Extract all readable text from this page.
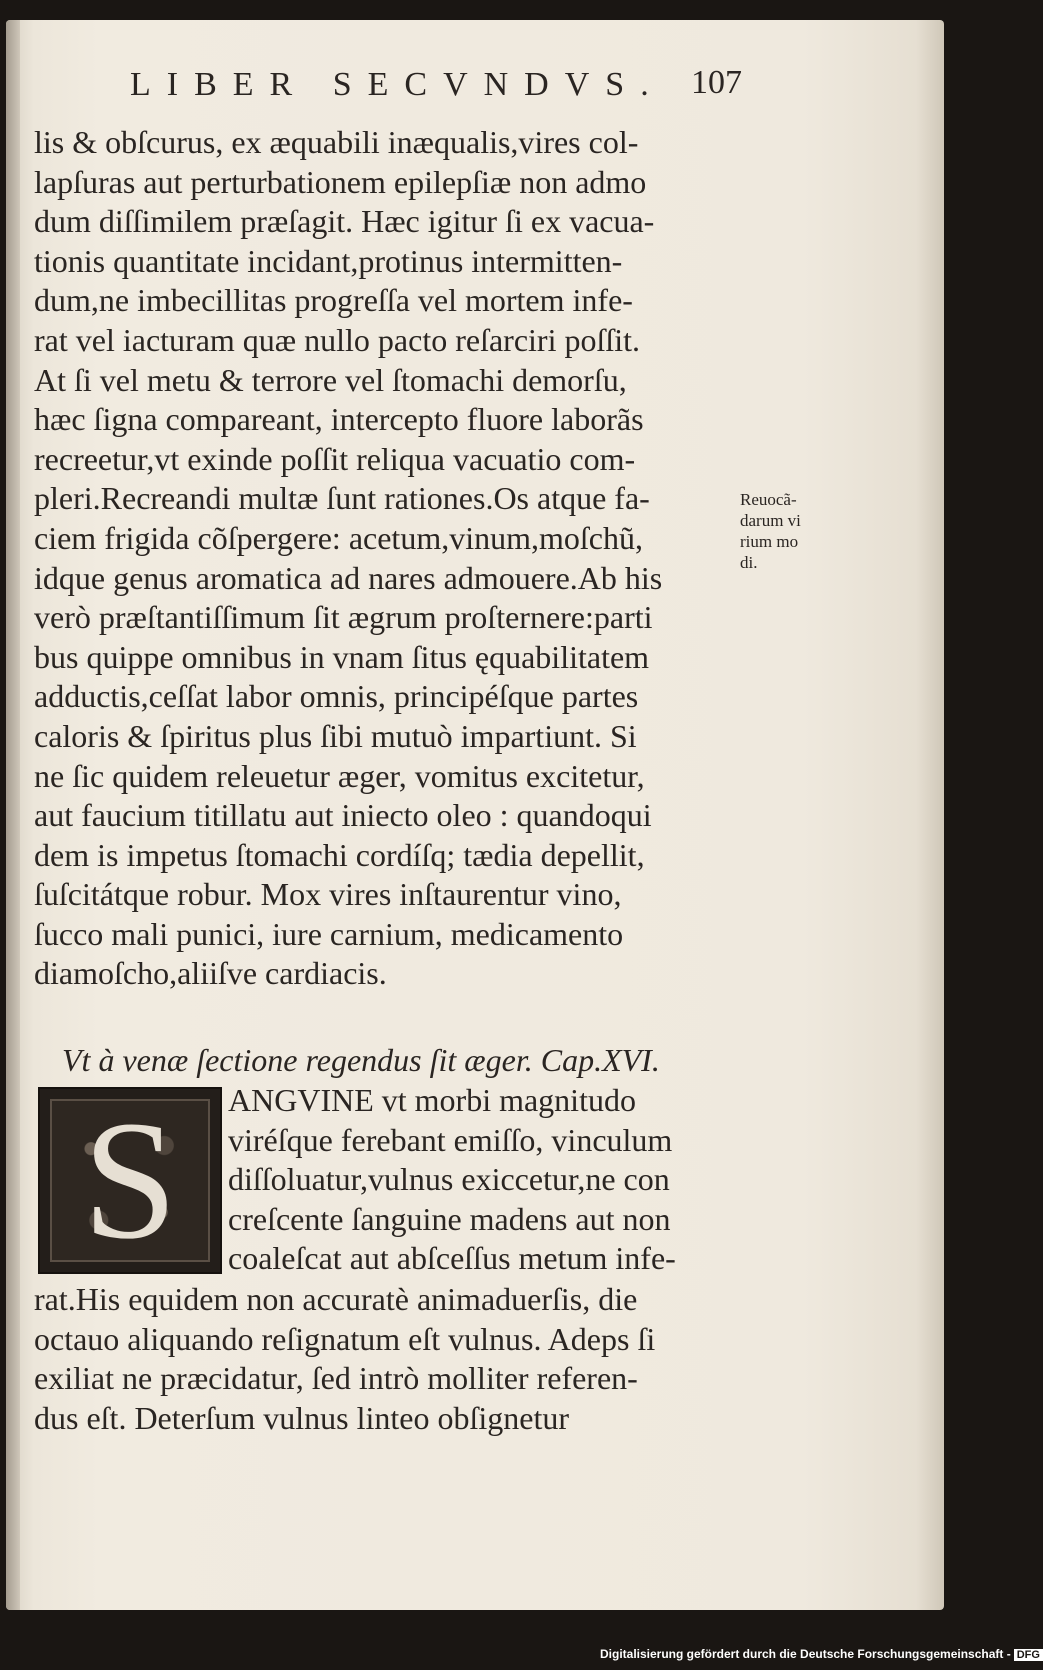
LIBER SECVNDVS. 107
lis & obſcurus, ex æquabili inæqualis,vires col-
lapſuras aut perturbationem epilepſiæ non admo
dum diſſimilem præſagit. Hæc igitur ſi ex vacua-
tionis quantitate incidant,protinus intermitten-
dum,ne imbecillitas progreſſa vel mortem infe-
rat vel iacturam quæ nullo pacto reſarciri poſſit.
At ſi vel metu & terrore vel ſtomachi demorſu,
hæc ſigna compareant, intercepto fluore laborãs
recreetur,vt exinde poſſit reliqua vacuatio com-
pleri.Recreandi multæ ſunt rationes.Os atque fa-
ciem frigida cõſpergere: acetum,vinum,moſchũ,
idque genus aromatica ad nares admouere.Ab his
verò præſtantiſſimum ſit ægrum proſternere:parti
bus quippe omnibus in vnam ſitus ęquabilitatem
adductis,ceſſat labor omnis, principéſque partes
caloris & ſpiritus plus ſibi mutuò impartiunt. Si
ne ſic quidem releuetur æger, vomitus excitetur,
aut faucium titillatu aut iniecto oleo : quandoqui
dem is impetus ſtomachi cordíſq; tædia depellit,
ſuſcitátque robur. Mox vires inſtaurentur vino,
ſucco mali punici, iure carnium, medicamento
diamoſcho,aliiſve cardiacis.
Reuocã-
darum vi
rium mo
di.
Vt à venæ ſectione regendus ſit æger. Cap.XVI.
S	ANGVINE vt morbi magnitudo
viréſque ferebant emiſſo, vinculum
diſſoluatur,vulnus exiccetur,ne con
creſcente ſanguine madens aut non
coaleſcat aut abſceſſus metum infe-
rat.His equidem non accuratè animaduerſis, die
octauo aliquando reſignatum eſt vulnus. Adeps ſi
exiliat ne præcidatur, ſed intrò molliter referen-
dus eſt. Deterſum vulnus linteo obſignetur
Digitalisierung gefördert durch die Deutsche Forschungsgemeinschaft - DFG
